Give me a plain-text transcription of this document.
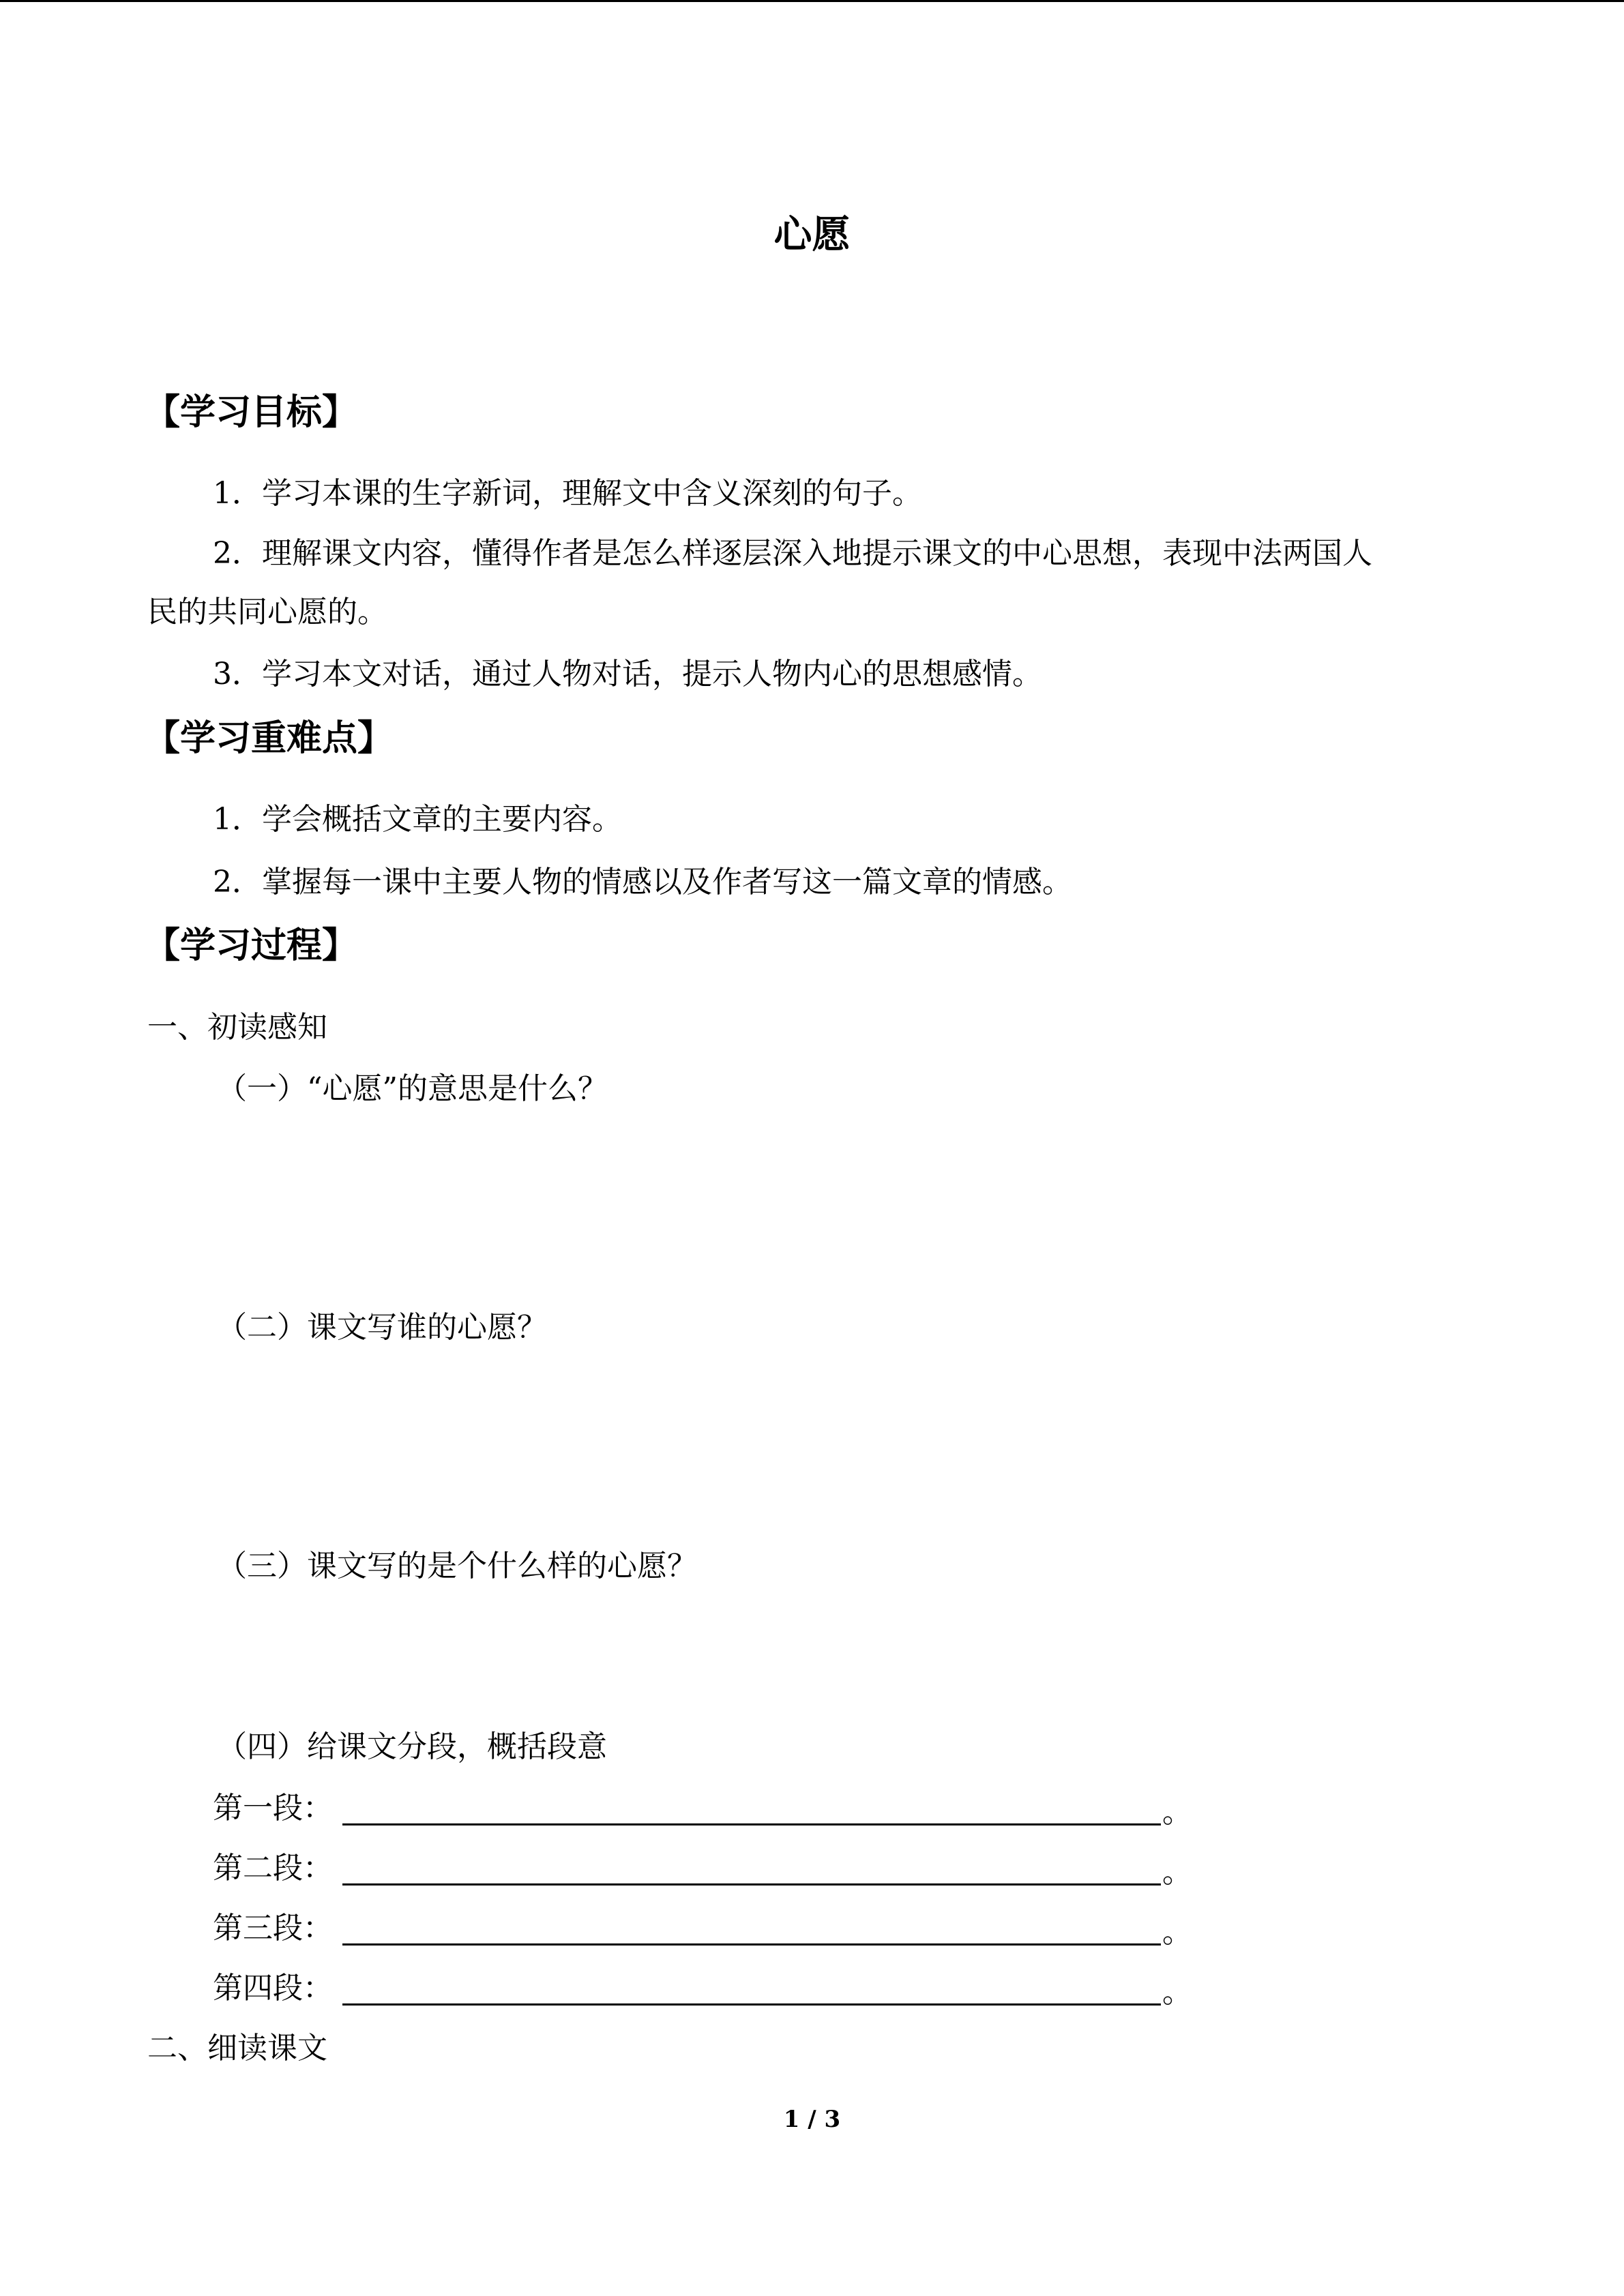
心愿
【学习目标】
1．学习本课的生字新词，理解文中含义深刻的句子。
2．理解课文内容，懂得作者是怎么样逐层深入地提示课文的中心思想，表现中法两国人
民的共同心愿的。
3．学习本文对话，通过人物对话，提示人物内心的思想感情。
【学习重难点】
1．学会概括文章的主要内容。
2．掌握每一课中主要人物的情感以及作者写这一篇文章的情感。
【学习过程】
一、初读感知
（一）“心愿”的意思是什么？
（二）课文写谁的心愿？
（三）课文写的是个什么样的心愿？
（四）给课文分段，概括段意
第一段：	。
第二段：	。
第三段：	。
第四段：	。
二、细读课文
1 / 3
